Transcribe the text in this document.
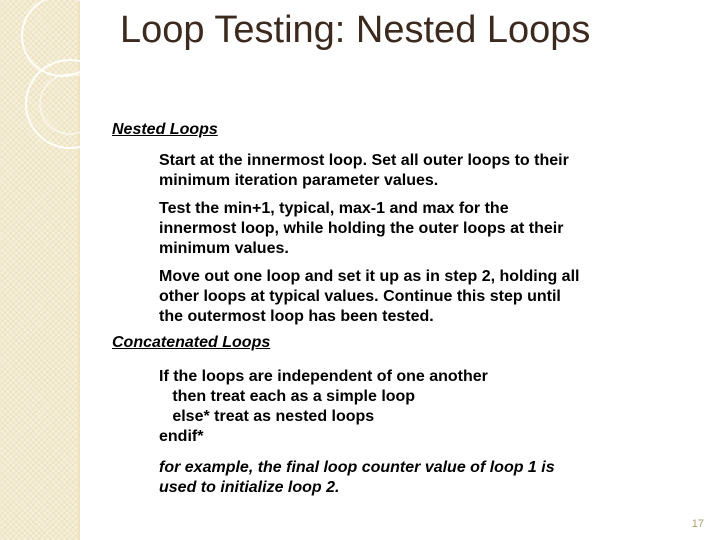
Loop Testing: Nested Loops
Nested Loops
Start at the innermost loop. Set all outer loops to their
minimum iteration parameter values.
Test the min+1, typical, max-1 and max for the
innermost loop, while holding the outer loops at their
minimum values.
Move out one loop and set it up as in step 2, holding all
other loops at typical values. Continue this step until
the outermost loop has been tested.
Concatenated Loops
If the loops are independent of one another
then treat each as a simple loop
else* treat as nested loops
endif*
for example, the final loop counter value of loop 1 is
used to initialize loop 2.
17
